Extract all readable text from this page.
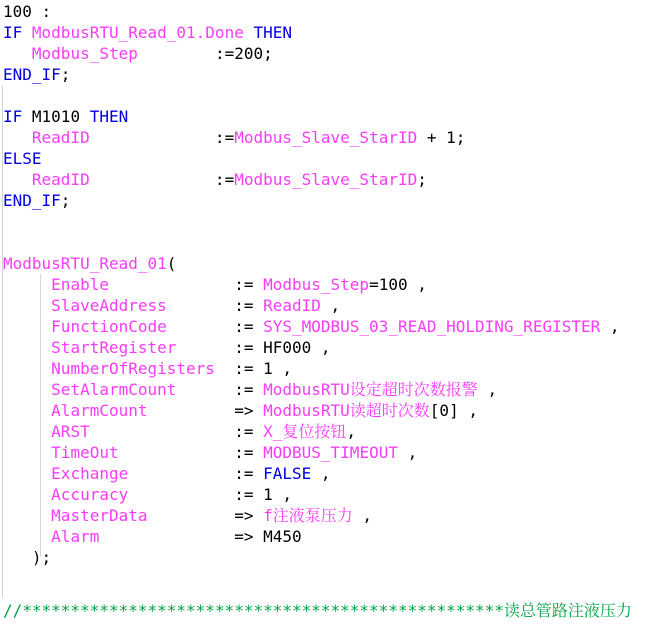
100 :
IF ModbusRTU_Read_01.Done THEN
Modbus_Step        :=200;
END_IF;
IF M1010 THEN
ReadID             :=Modbus_Slave_StarID + 1;
ELSE
ReadID             :=Modbus_Slave_StarID;
END_IF;
ModbusRTU_Read_01(
Enable             := Modbus_Step=100 ,
SlaveAddress       := ReadID ,
FunctionCode       := SYS_MODBUS_03_READ_HOLDING_REGISTER ,
StartRegister      := HF000 ,
NumberOfRegisters  := 1 ,
SetAlarmCount      := ModbusRTU设定超时次数报警 ,
AlarmCount         => ModbusRTU读超时次数[0] ,
ARST               := X_复位按钮,
TimeOut            := MODBUS_TIMEOUT ,
Exchange           := FALSE ,
Accuracy           := 1 ,
MasterData         => f注液泵压力 ,
Alarm              => M450
);
//**************************************************读总管路注液压力
